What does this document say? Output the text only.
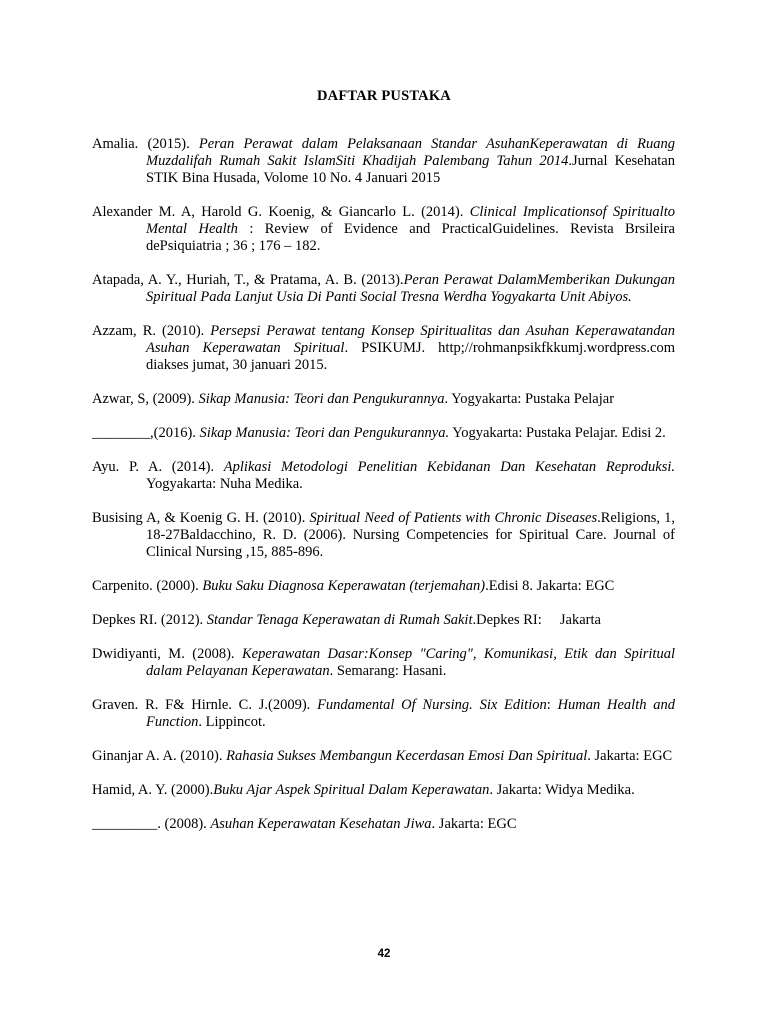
DAFTAR PUSTAKA

Amalia. (2015). Peran Perawat dalam Pelaksanaan Standar AsuhanKeperawatan di Ruang Muzdalifah Rumah Sakit IslamSiti Khadijah Palembang Tahun 2014.Jurnal Kesehatan STIK Bina Husada, Volome 10 No. 4 Januari 2015

Alexander M. A, Harold G. Koenig, & Giancarlo L. (2014). Clinical Implicationsof Spiritualto Mental Health : Review of Evidence and PracticalGuidelines. Revista Brsileira dePsiquiatria ; 36 ; 176 – 182.

Atapada, A. Y., Huriah, T., & Pratama, A. B. (2013).Peran Perawat DalamMemberikan Dukungan Spiritual Pada Lanjut Usia Di Panti Social Tresna Werdha Yogyakarta Unit Abiyos.

Azzam, R. (2010). Persepsi Perawat tentang Konsep Spiritualitas dan Asuhan Keperawatandan Asuhan Keperawatan Spiritual. PSIKUMJ. http;//rohmanpsikfkkumj.wordpress.com diakses jumat, 30 januari 2015.

Azwar, S, (2009). Sikap Manusia: Teori dan Pengukurannya. Yogyakarta: Pustaka Pelajar

________,(2016). Sikap Manusia: Teori dan Pengukurannya. Yogyakarta: Pustaka Pelajar. Edisi 2.

Ayu. P. A. (2014). Aplikasi Metodologi Penelitian Kebidanan Dan Kesehatan Reproduksi. Yogyakarta: Nuha Medika.

Busising A, & Koenig G. H. (2010). Spiritual Need of Patients with Chronic Diseases.Religions, 1, 18-27Baldacchino, R. D. (2006). Nursing Competencies for Spiritual Care. Journal of Clinical Nursing ,15, 885-896.

Carpenito. (2000). Buku Saku Diagnosa Keperawatan (terjemahan).Edisi 8. Jakarta: EGC

Depkes RI. (2012). Standar Tenaga Keperawatan di Rumah Sakit.Depkes RI:     Jakarta

Dwidiyanti, M. (2008). Keperawatan Dasar:Konsep "Caring", Komunikasi, Etik dan Spiritual dalam Pelayanan Keperawatan. Semarang: Hasani.

Graven. R. F& Hirnle. C. J.(2009). Fundamental Of Nursing. Six Edition: Human Health and Function. Lippincot.

Ginanjar A. A. (2010). Rahasia Sukses Membangun Kecerdasan Emosi Dan Spiritual. Jakarta: EGC

Hamid, A. Y. (2000).Buku Ajar Aspek Spiritual Dalam Keperawatan. Jakarta: Widya Medika.

_________. (2008). Asuhan Keperawatan Kesehatan Jiwa. Jakarta: EGC

42
